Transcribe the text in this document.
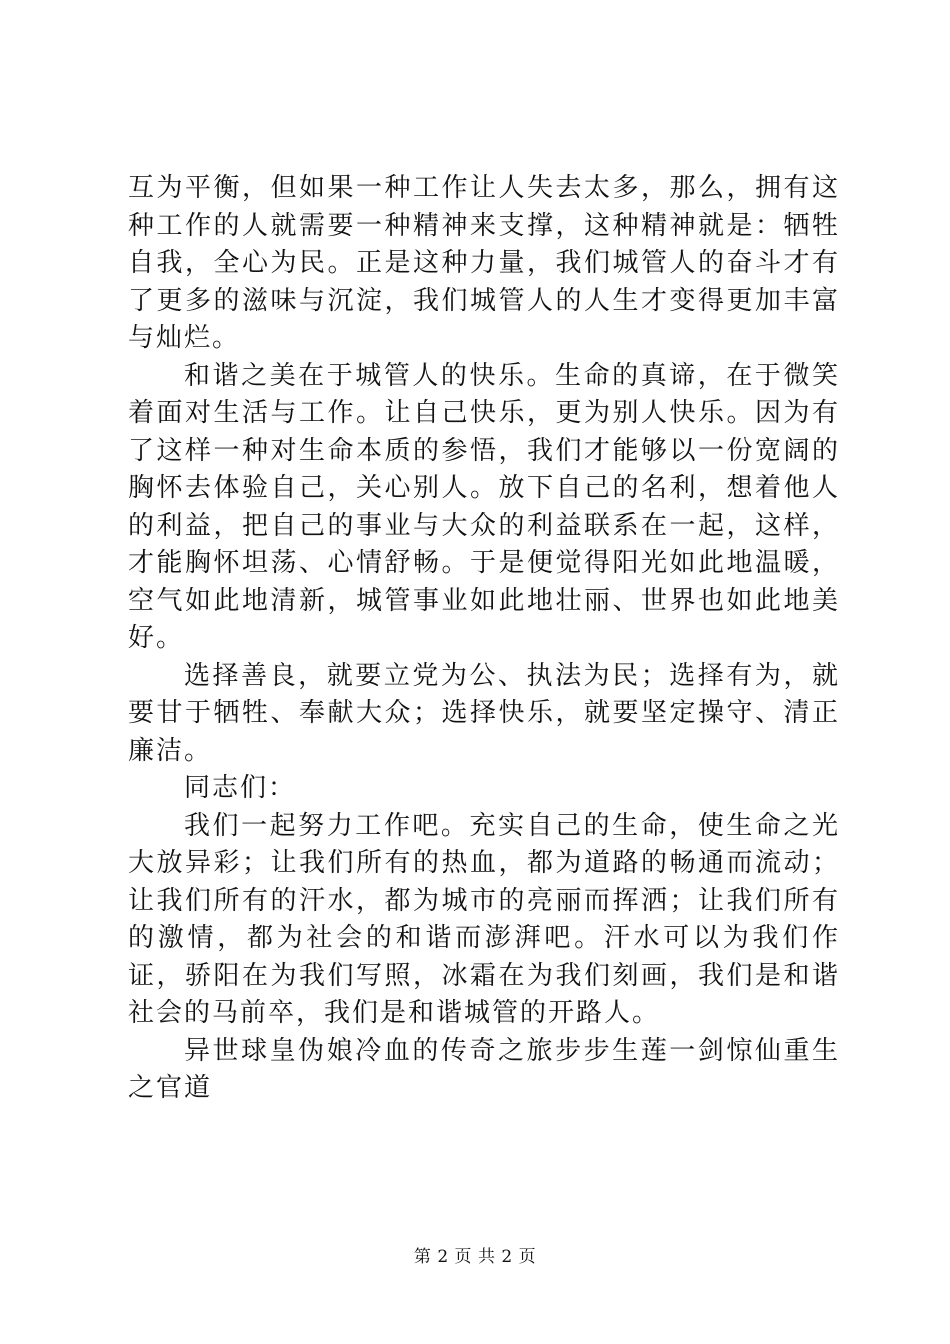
互为平衡，但如果一种工作让人失去太多，那么，拥有这种工作的人就需要一种精神来支撑，这种精神就是：牺牲自我，全心为民。正是这种力量，我们城管人的奋斗才有了更多的滋味与沉淀，我们城管人的人生才变得更加丰富与灿烂。

和谐之美在于城管人的快乐。生命的真谛，在于微笑着面对生活与工作。让自己快乐，更为别人快乐。因为有了这样一种对生命本质的参悟，我们才能够以一份宽阔的胸怀去体验自己，关心别人。放下自己的名利，想着他人的利益，把自己的事业与大众的利益联系在一起，这样，才能胸怀坦荡、心情舒畅。于是便觉得阳光如此地温暖，空气如此地清新，城管事业如此地壮丽、世界也如此地美好。

选择善良，就要立党为公、执法为民；选择有为，就要甘于牺牲、奉献大众；选择快乐，就要坚定操守、清正廉洁。

同志们：

我们一起努力工作吧。充实自己的生命，使生命之光大放异彩；让我们所有的热血，都为道路的畅通而流动；让我们所有的汗水，都为城市的亮丽而挥洒；让我们所有的激情，都为社会的和谐而澎湃吧。汗水可以为我们作证，骄阳在为我们写照，冰霜在为我们刻画，我们是和谐社会的马前卒，我们是和谐城管的开路人。

异世球皇伪娘冷血的传奇之旅步步生莲一剑惊仙重生之官道

第 2 页 共 2 页
